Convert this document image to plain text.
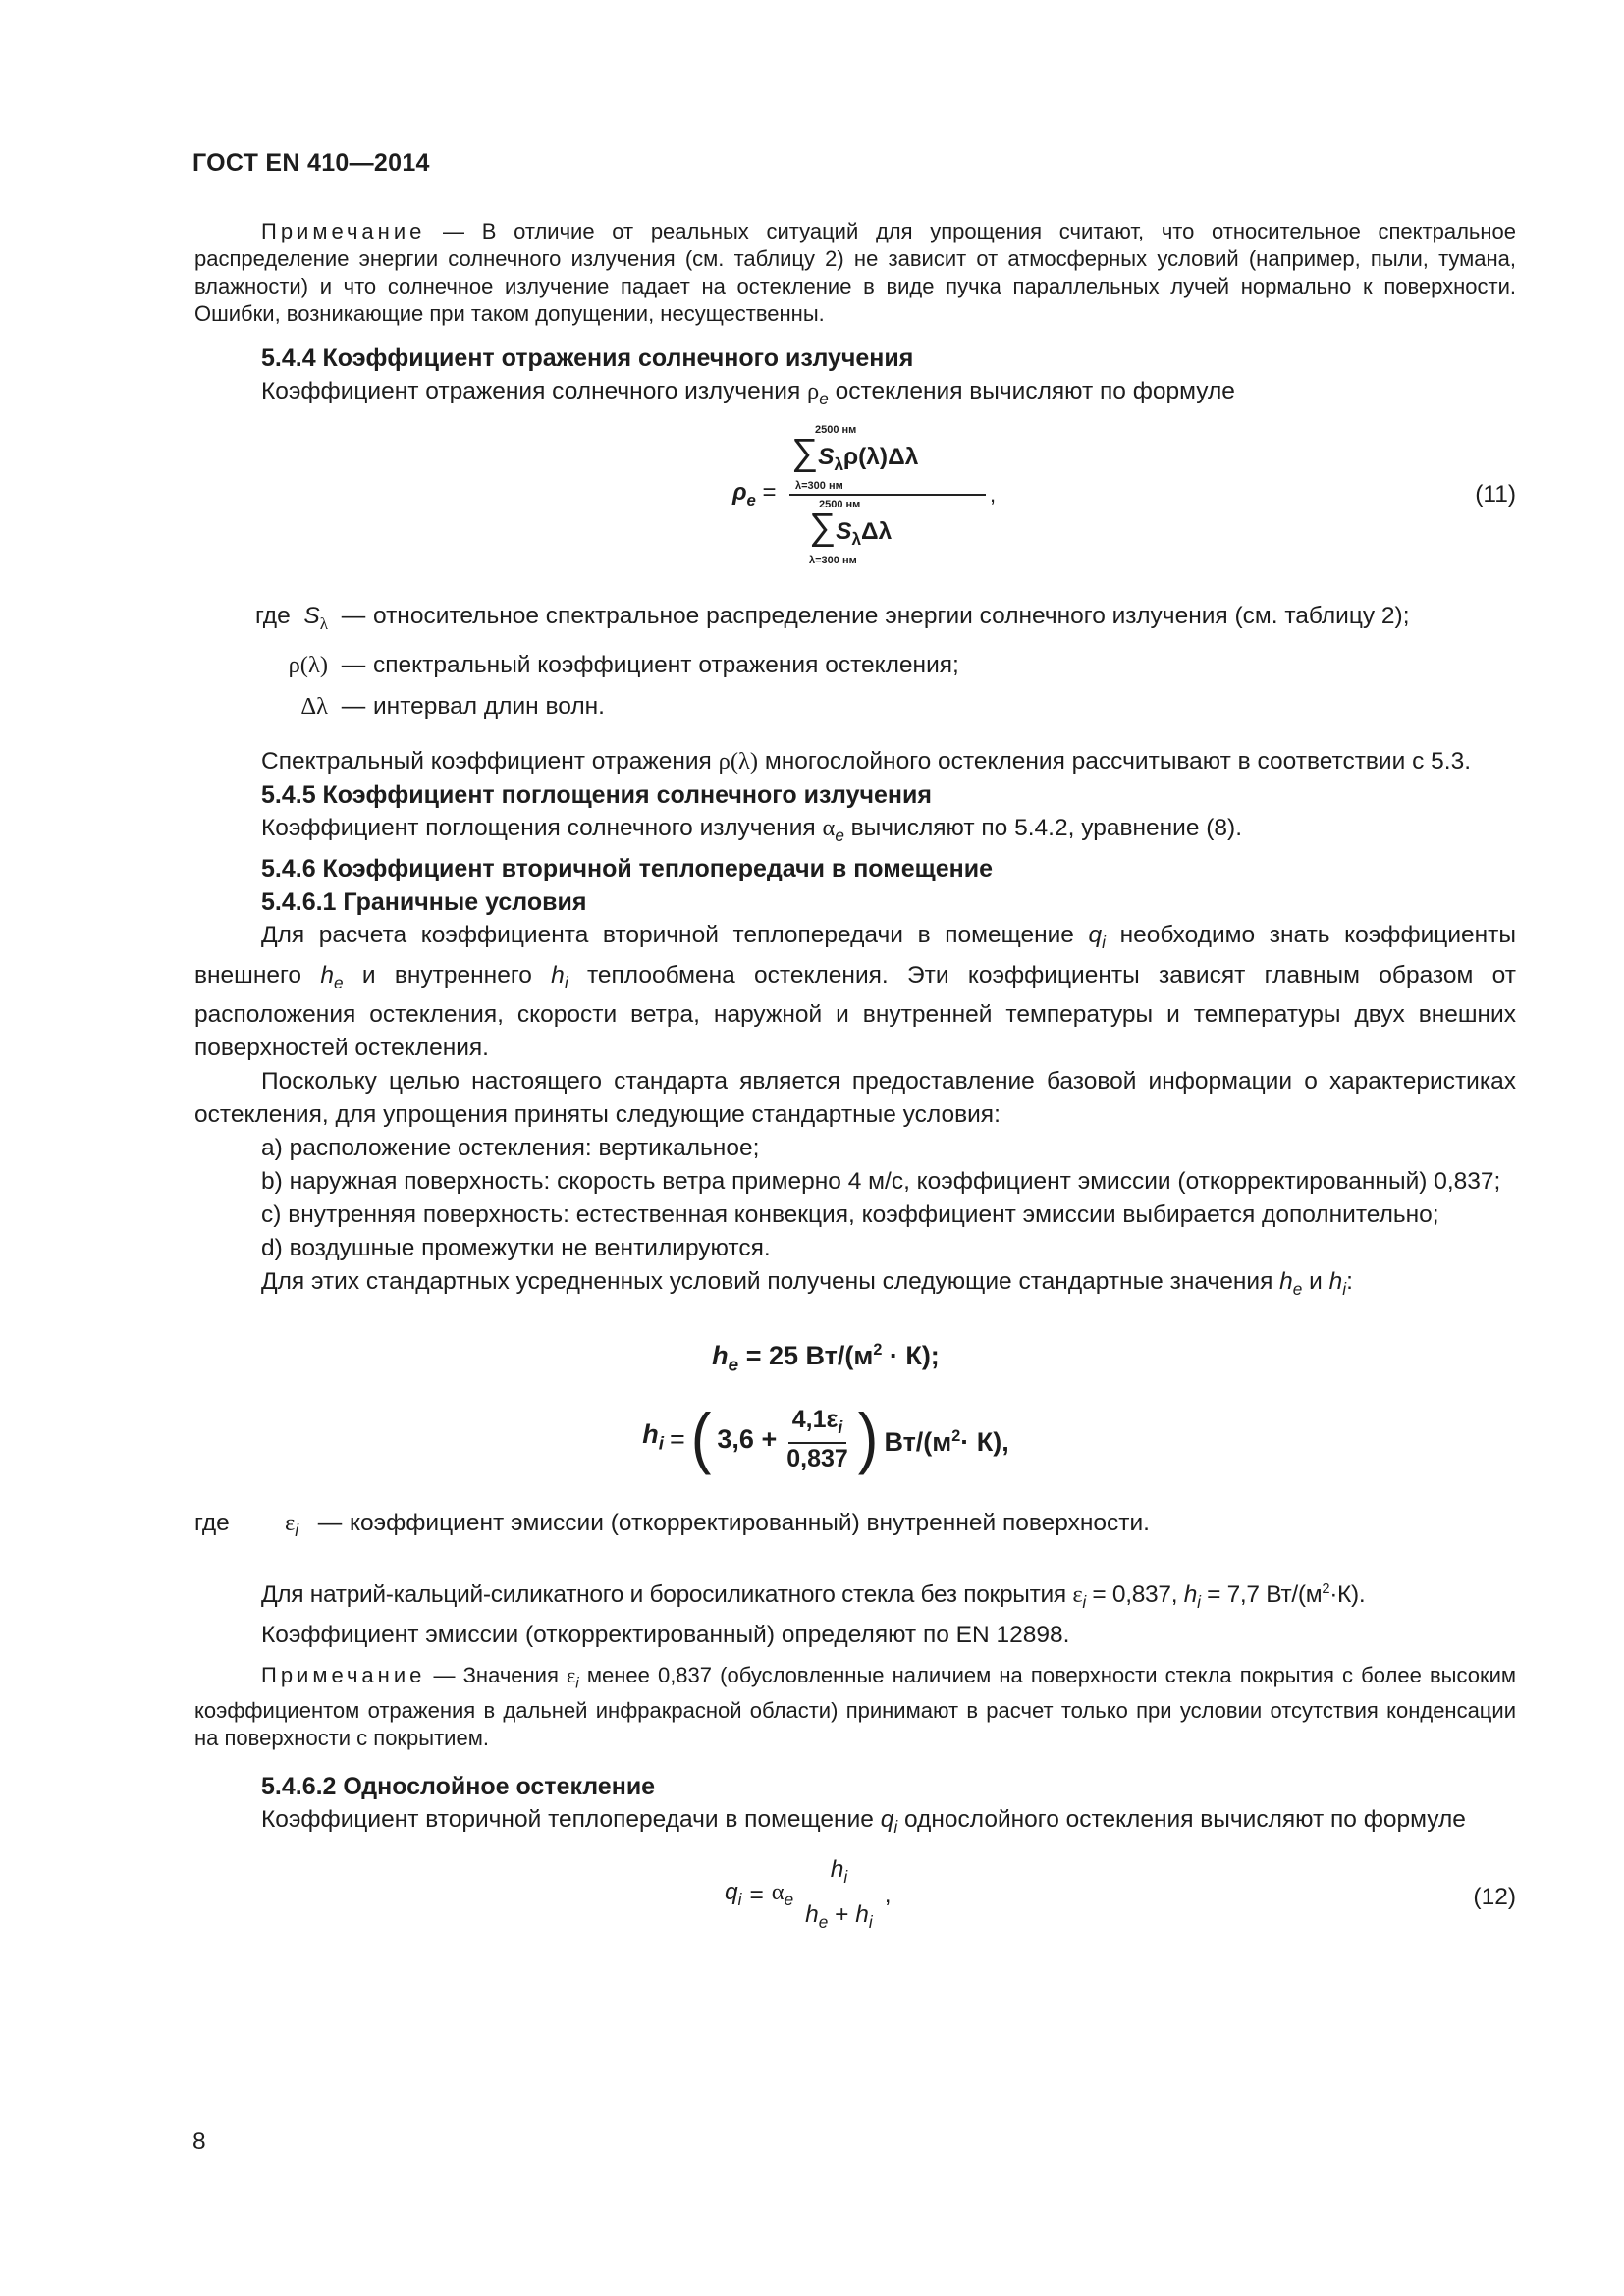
ГОСТ EN 410—2014

Примечание — В отличие от реальных ситуаций для упрощения считают, что относительное спектральное распределение энергии солнечного излучения (см. таблицу 2) не зависит от атмосферных условий (например, пыли, тумана, влажности) и что солнечное излучение падает на остекление в виде пучка параллельных лучей нормально к поверхности. Ошибки, возникающие при таком допущении, несущественны.

5.4.4 Коэффициент отражения солнечного излучения

Коэффициент отражения солнечного излучения $\rho_e$ остекления вычисляют по формуле

$\rho_e$ =
2500 нм
$\sum S_\lambda\rho(\lambda)\Delta\lambda$
λ=300 нм
2500 нм
$\sum S_\lambda\Delta\lambda$
λ=300 нм
,	(11)
где $S_\lambda$ — относительное спектральное распределение энергии солнечного излучения (см. таблицу 2);
ρ(λ) — спектральный коэффициент отражения остекления;
Δλ — интервал длин волн.

Спектральный коэффициент отражения ρ(λ) многослойного остекления рассчитывают в соответствии с 5.3.

5.4.5 Коэффициент поглощения солнечного излучения

Коэффициент поглощения солнечного излучения $\alpha_e$ вычисляют по 5.4.2, уравнение (8).

5.4.6 Коэффициент вторичной теплопередачи в помещение

5.4.6.1 Граничные условия

Для расчета коэффициента вторичной теплопередачи в помещение $q_i$ необходимо знать коэффициенты внешнего $h_e$ и внутреннего $h_i$ теплообмена остекления. Эти коэффициенты зависят главным образом от расположения остекления, скорости ветра, наружной и внутренней температуры и температуры двух внешних поверхностей остекления.

Поскольку целью настоящего стандарта является предоставление базовой информации о характеристиках остекления, для упрощения приняты следующие стандартные условия:

a) расположение остекления: вертикальное;

b) наружная поверхность: скорость ветра примерно 4 м/с, коэффициент эмиссии (откорректированный) 0,837;

c) внутренняя поверхность: естественная конвекция, коэффициент эмиссии выбирается дополнительно;

d) воздушные промежутки не вентилируются.

Для этих стандартных усредненных условий получены следующие стандартные значения $h_e$ и $h_i$:

$h_e = 25$ $Вт/(м^2 \cdot К)$;
$h_i$ = ( $3,6 + \frac{4,1\varepsilon_i}{0,837}$ ) $Вт/(м^2\cdot К)$,
где	$\varepsilon_i$ — коэффициент эмиссии (откорректированный) внутренней поверхности.

Для натрий-кальций-силикатного и боросиликатного стекла без покрытия $\varepsilon_i = 0,837$, $h_i = 7,7$ $Вт/(м^2\cdot К)$.

Коэффициент эмиссии (откорректированный) определяют по EN 12898.

Примечание — Значения $\varepsilon_i$ менее 0,837 (обусловленные наличием на поверхности стекла покрытия с более высоким коэффициентом отражения в дальней инфракрасной области) принимают в расчет только при условии отсутствия конденсации на поверхности с покрытием.

5.4.6.2 Однослойное остекление

Коэффициент вторичной теплопередачи в помещение $q_i$ однослойного остекления вычисляют по формуле

$q_i = \alpha_e \frac{h_i}{h_e + h_i}$ ,	(12)
8
